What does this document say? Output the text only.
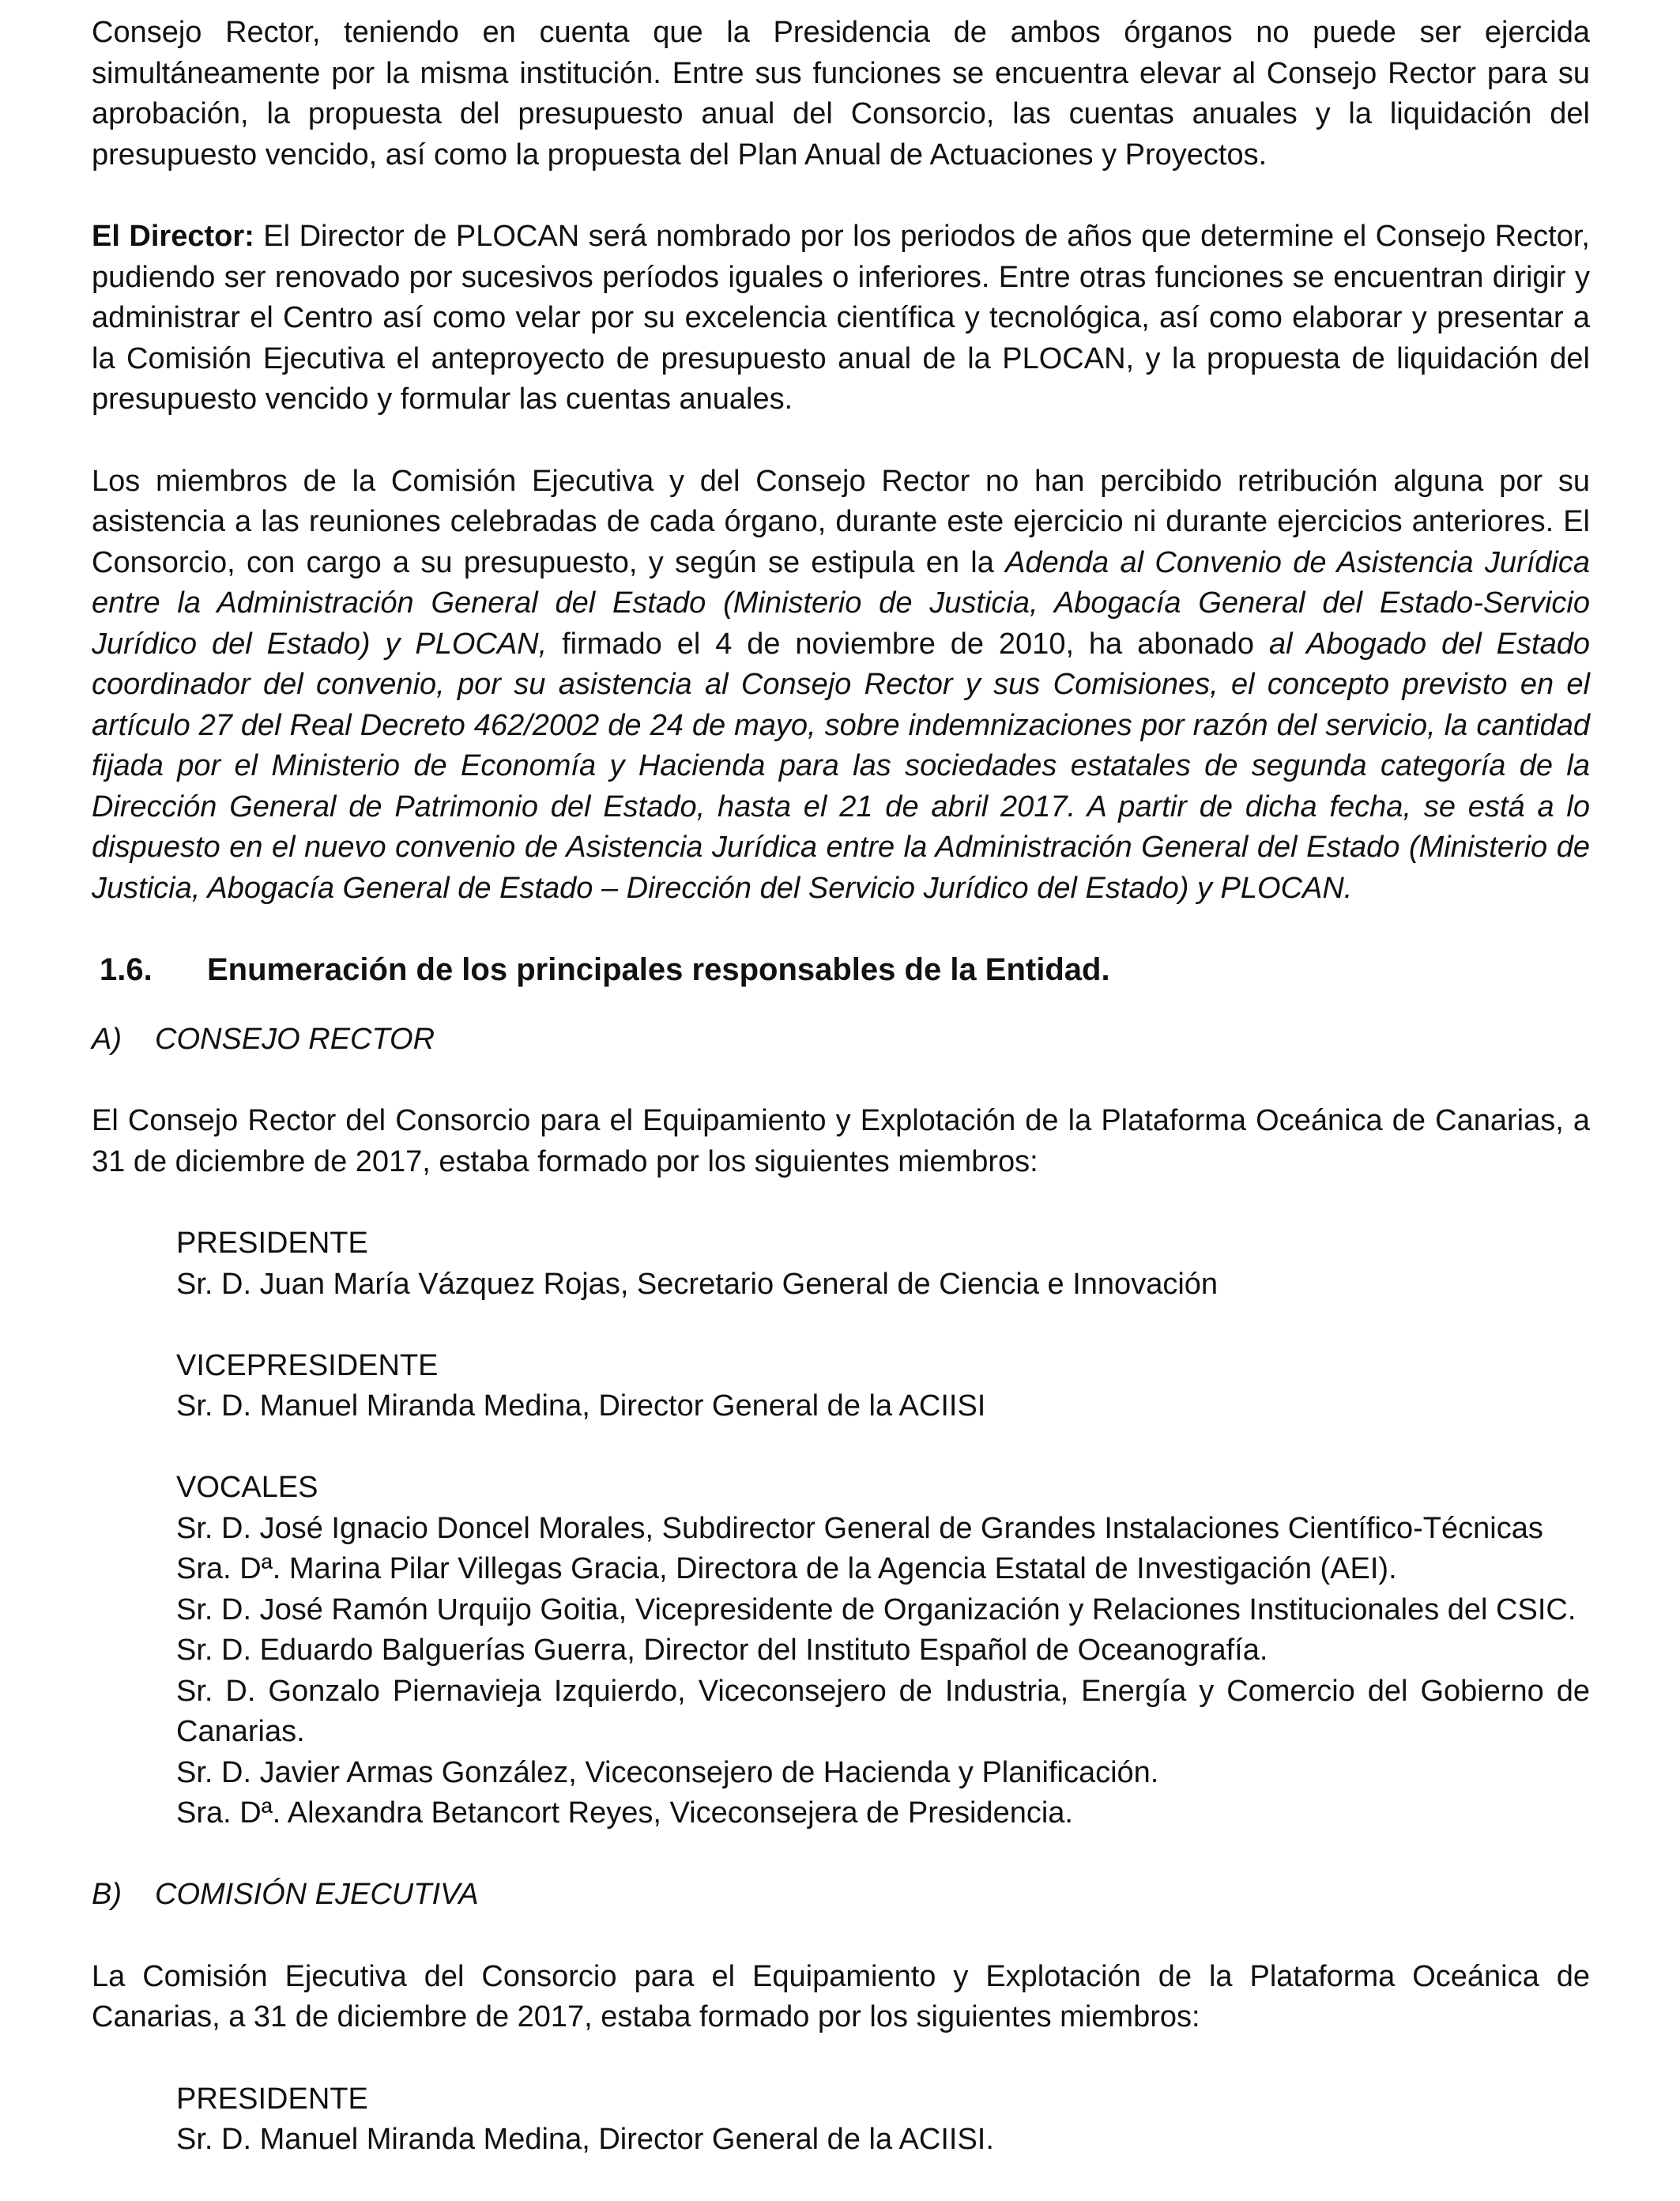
Consejo Rector, teniendo en cuenta que la Presidencia de ambos órganos no puede ser ejercida simultáneamente por la misma institución. Entre sus funciones se encuentra elevar al Consejo Rector para su aprobación, la propuesta del presupuesto anual del Consorcio, las cuentas anuales y la liquidación del presupuesto vencido, así como la propuesta del Plan Anual de Actuaciones y Proyectos.

El Director: El Director de PLOCAN será nombrado por los periodos de años que determine el Consejo Rector, pudiendo ser renovado por sucesivos períodos iguales o inferiores. Entre otras funciones se encuentran dirigir y administrar el Centro así como velar por su excelencia científica y tecnológica, así como elaborar y presentar a la Comisión Ejecutiva el anteproyecto de presupuesto anual de la PLOCAN, y la propuesta de liquidación del presupuesto vencido y formular las cuentas anuales.

Los miembros de la Comisión Ejecutiva y del Consejo Rector no han percibido retribución alguna por su asistencia a las reuniones celebradas de cada órgano, durante este ejercicio ni durante ejercicios anteriores. El Consorcio, con cargo a su presupuesto, y según se estipula en la Adenda al Convenio de Asistencia Jurídica entre la Administración General del Estado (Ministerio de Justicia, Abogacía General del Estado-Servicio Jurídico del Estado) y PLOCAN, firmado el 4 de noviembre de 2010, ha abonado al Abogado del Estado coordinador del convenio, por su asistencia al Consejo Rector y sus Comisiones, el concepto previsto en el artículo 27 del Real Decreto 462/2002 de 24 de mayo, sobre indemnizaciones por razón del servicio, la cantidad fijada por el Ministerio de Economía y Hacienda para las sociedades estatales de segunda categoría de la Dirección General de Patrimonio del Estado, hasta el 21 de abril 2017. A partir de dicha fecha, se está a lo dispuesto en el nuevo convenio de Asistencia Jurídica entre la Administración General del Estado (Ministerio de Justicia, Abogacía General de Estado – Dirección del Servicio Jurídico del Estado) y PLOCAN.

1.6.	Enumeración de los principales responsables de la Entidad.
A)	CONSEJO RECTOR

El Consejo Rector del Consorcio para el Equipamiento y Explotación de la Plataforma Oceánica de Canarias, a 31 de diciembre de 2017, estaba formado por los siguientes miembros:

PRESIDENTE
Sr. D. Juan María Vázquez Rojas, Secretario General de Ciencia e Innovación
VICEPRESIDENTE
Sr. D. Manuel Miranda Medina, Director General de la ACIISI
VOCALES
Sr. D. José Ignacio Doncel Morales, Subdirector General de Grandes Instalaciones Científico-Técnicas
Sra. Dª. Marina Pilar Villegas Gracia, Directora de la Agencia Estatal de Investigación (AEI).
Sr. D. José Ramón Urquijo Goitia, Vicepresidente de Organización y Relaciones Institucionales del CSIC.
Sr. D. Eduardo Balguerías Guerra, Director del Instituto Español de Oceanografía.
Sr. D. Gonzalo Piernavieja Izquierdo, Viceconsejero de Industria, Energía y Comercio del Gobierno de Canarias.
Sr. D. Javier Armas González, Viceconsejero de Hacienda y Planificación.
Sra. Dª. Alexandra Betancort Reyes, Viceconsejera de Presidencia.
B)	COMISIÓN EJECUTIVA

La Comisión Ejecutiva del Consorcio para el Equipamiento y Explotación de la Plataforma Oceánica de Canarias, a 31 de diciembre de 2017, estaba formado por los siguientes miembros:

PRESIDENTE
Sr. D. Manuel Miranda Medina, Director General de la ACIISI.
